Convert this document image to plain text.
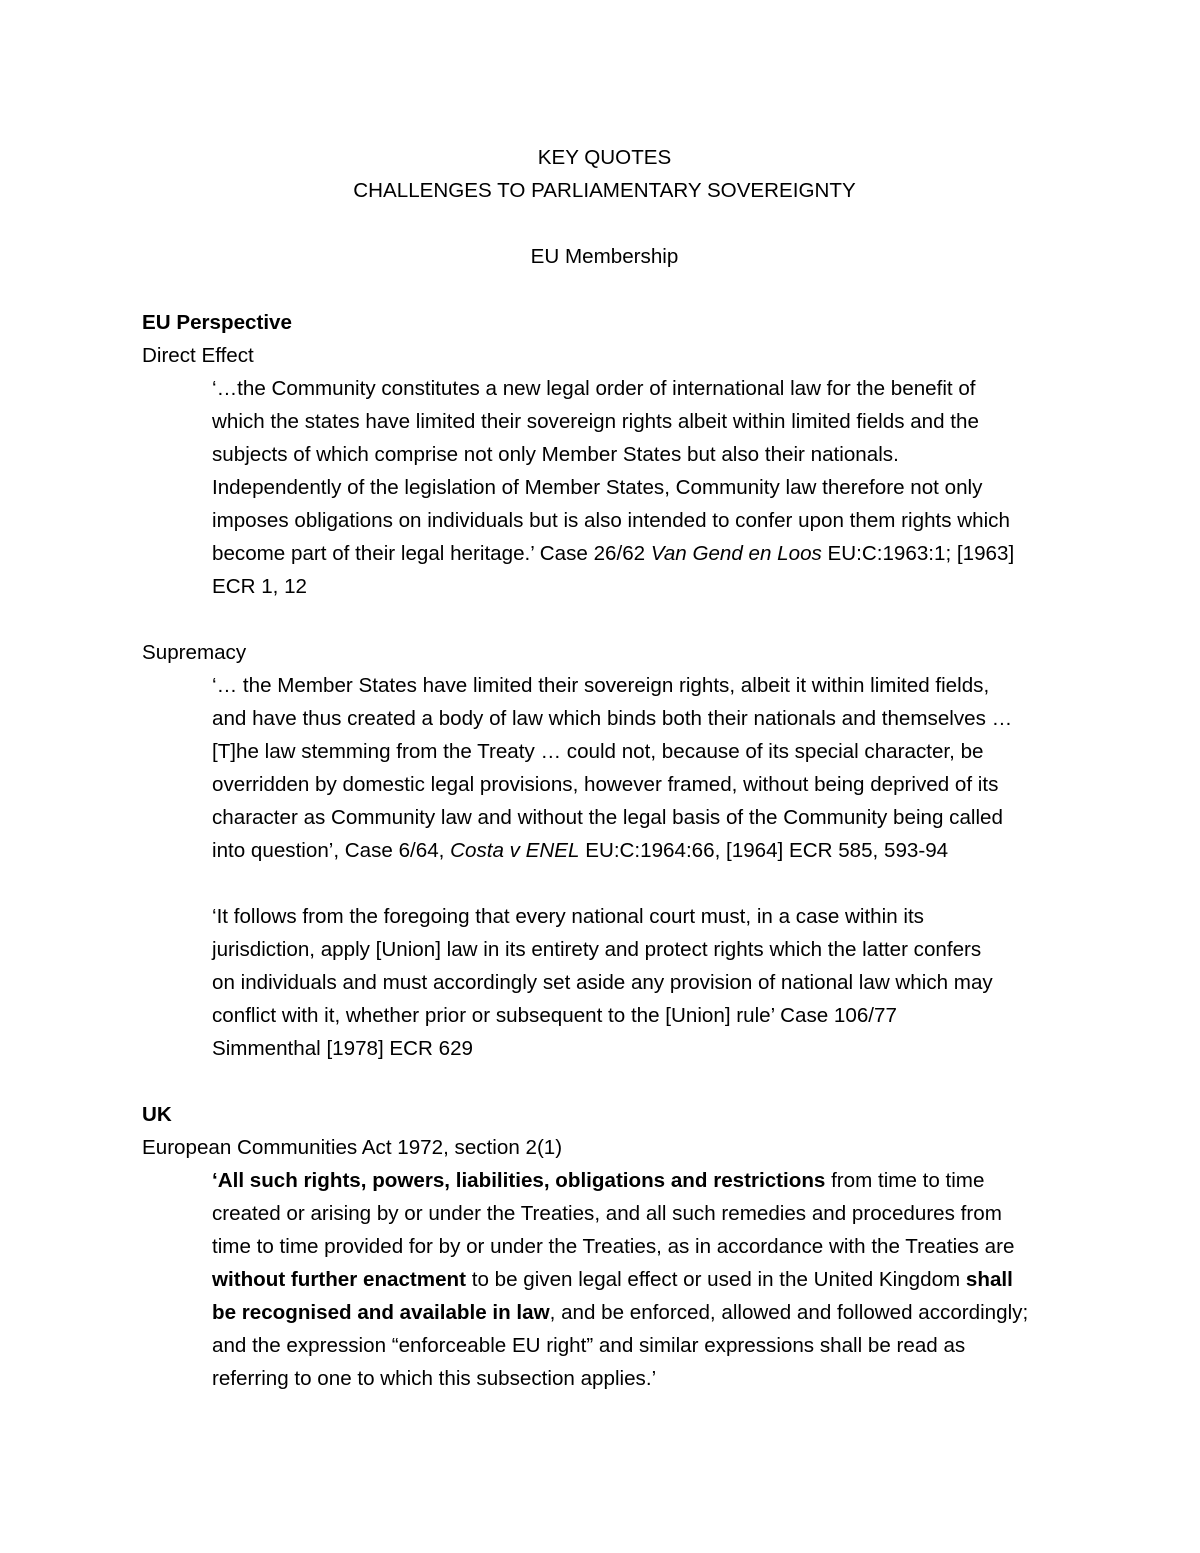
KEY QUOTES

CHALLENGES TO PARLIAMENTARY SOVEREIGNTY

EU Membership

EU Perspective

Direct Effect

‘…the Community constitutes a new legal order of international law for the benefit of

which the states have limited their sovereign rights albeit within limited fields and the

subjects of which comprise not only Member States but also their nationals.

Independently of the legislation of Member States, Community law therefore not only

imposes obligations on individuals but is also intended to confer upon them rights which

become part of their legal heritage.’ Case 26/62 Van Gend en Loos EU:C:1963:1; [1963]

ECR 1, 12

Supremacy

‘… the Member States have limited their sovereign rights, albeit it within limited fields,

and have thus created a body of law which binds both their nationals and themselves …

[T]he law stemming from the Treaty … could not, because of its special character, be

overridden by domestic legal provisions, however framed, without being deprived of its

character as Community law and without the legal basis of the Community being called

into question’, Case 6/64, Costa v ENEL EU:C:1964:66, [1964] ECR 585, 593-94

‘It follows from the foregoing that every national court must, in a case within its

jurisdiction, apply [Union] law in its entirety and protect rights which the latter confers

on individuals and must accordingly set aside any provision of national law which may

conflict with it, whether prior or subsequent to the [Union] rule’ Case 106/77

Simmenthal [1978] ECR 629

UK

European Communities Act 1972, section 2(1)

‘All such rights, powers, liabilities, obligations and restrictions from time to time

created or arising by or under the Treaties, and all such remedies and procedures from

time to time provided for by or under the Treaties, as in accordance with the Treaties are

without further enactment to be given legal effect or used in the United Kingdom shall

be recognised and available in law, and be enforced, allowed and followed accordingly;

and the expression “enforceable EU right” and similar expressions shall be read as

referring to one to which this subsection applies.’
